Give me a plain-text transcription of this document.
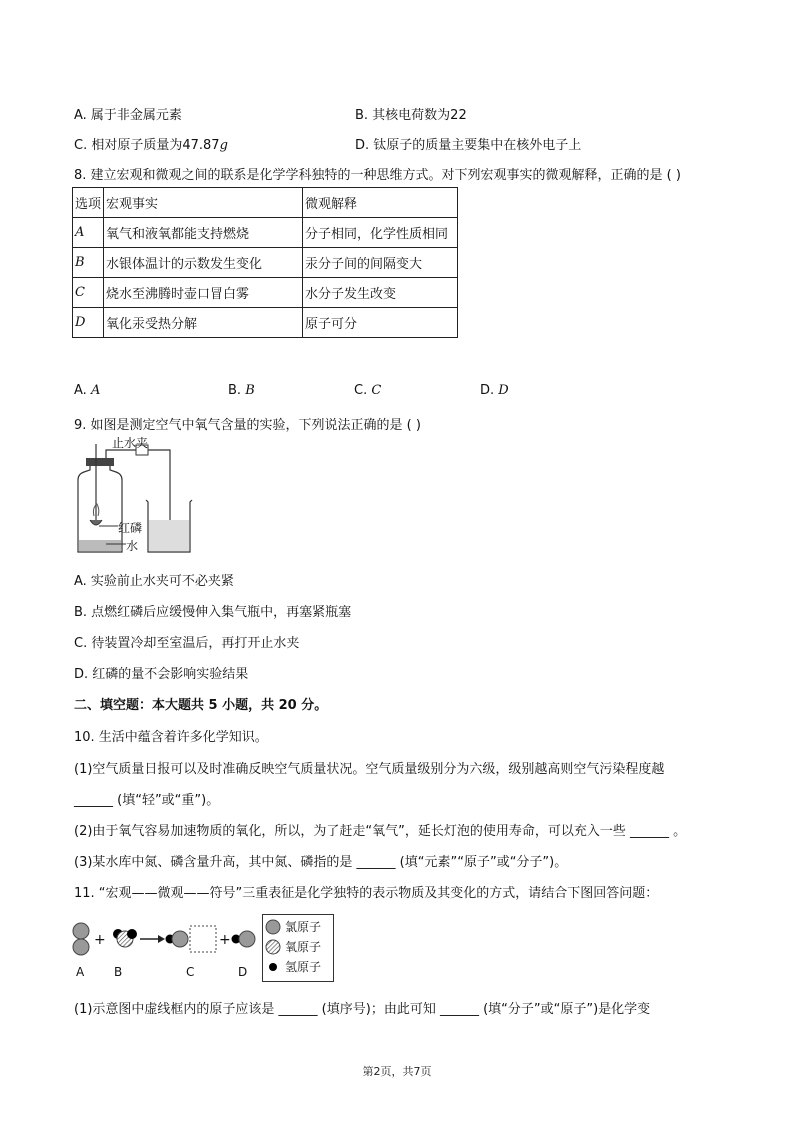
A. 属于非金属元素	B. 其核电荷数为22
C. 相对原子质量为47.87g	D. 钛原子的质量主要集中在核外电子上
8. 建立宏观和微观之间的联系是化学学科独特的一种思维方式。对下列宏观事实的微观解释，正确的是 ( )
选项	宏观事实	微观解释
A	氧气和液氧都能支持燃烧	分子相同，化学性质相同
B	水银体温计的示数发生变化	汞分子间的间隔变大
C	烧水至沸腾时壶口冒白雾	水分子发生改变
D	氧化汞受热分解	原子可分
A. A	B. B	C. C	D. D
9. 如图是测定空气中氧气含量的实验，下列说法正确的是 ( )
止水夹
红磷
水
A. 实验前止水夹可不必夹紧
B. 点燃红磷后应缓慢伸入集气瓶中，再塞紧瓶塞
C. 待装置冷却至室温后，再打开止水夹
D. 红磷的量不会影响实验结果
二、填空题：本大题共 5 小题，共 20 分。
10. 生活中蕴含着许多化学知识。
(1)空气质量日报可以及时准确反映空气质量状况。空气质量级别分为六级，级别越高则空气污染程度越
______ (填“轻”或“重”)。
(2)由于氧气容易加速物质的氧化，所以，为了赶走“氧气”，延长灯泡的使用寿命，可以充入一些 ______ 。
(3)某水库中氮、磷含量升高，其中氮、磷指的是 ______ (填“元素”“原子”或“分子”)。
11. “宏观——微观——符号”三重表征是化学独特的表示物质及其变化的方式，请结合下图回答问题：
+	+
A B	C	D
氯原子
氧原子
氢原子
(1)示意图中虚线框内的原子应该是 ______ (填序号)；由此可知 ______ (填“分子”或“原子”)是化学变
第2页，共7页
